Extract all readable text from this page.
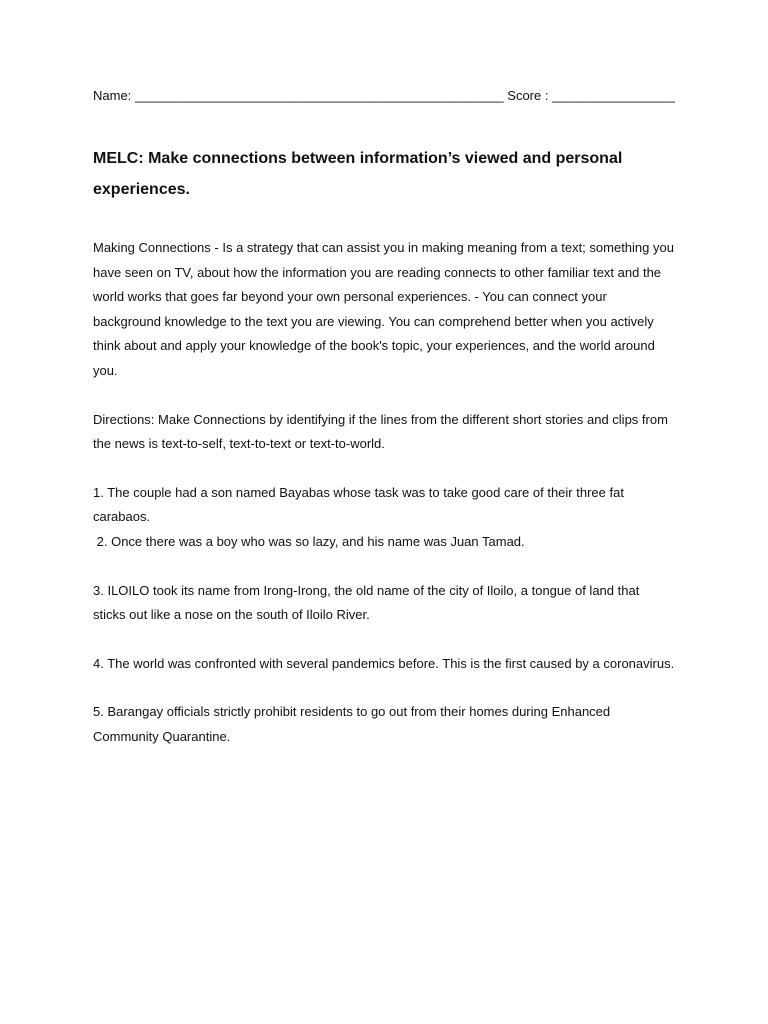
Name: ___________________________________________________ Score : _________________
MELC: Make connections between information’s viewed and personal experiences.

Making Connections - Is a strategy that can assist you in making meaning from a text; something you have seen on TV, about how the information you are reading connects to other familiar text and the world works that goes far beyond your own personal experiences. - You can connect your background knowledge to the text you are viewing. You can comprehend better when you actively think about and apply your knowledge of the book's topic, your experiences, and the world around you.

Directions: Make Connections by identifying if the lines from the different short stories and clips from the news is text-to-self, text-to-text or text-to-world.

1. The couple had a son named Bayabas whose task was to take good care of their three fat carabaos.

2. Once there was a boy who was so lazy, and his name was Juan Tamad.

3. ILOILO took its name from Irong-Irong, the old name of the city of Iloilo, a tongue of land that sticks out like a nose on the south of Iloilo River.

4. The world was confronted with several pandemics before. This is the first caused by a coronavirus.

5. Barangay officials strictly prohibit residents to go out from their homes during Enhanced Community Quarantine.
